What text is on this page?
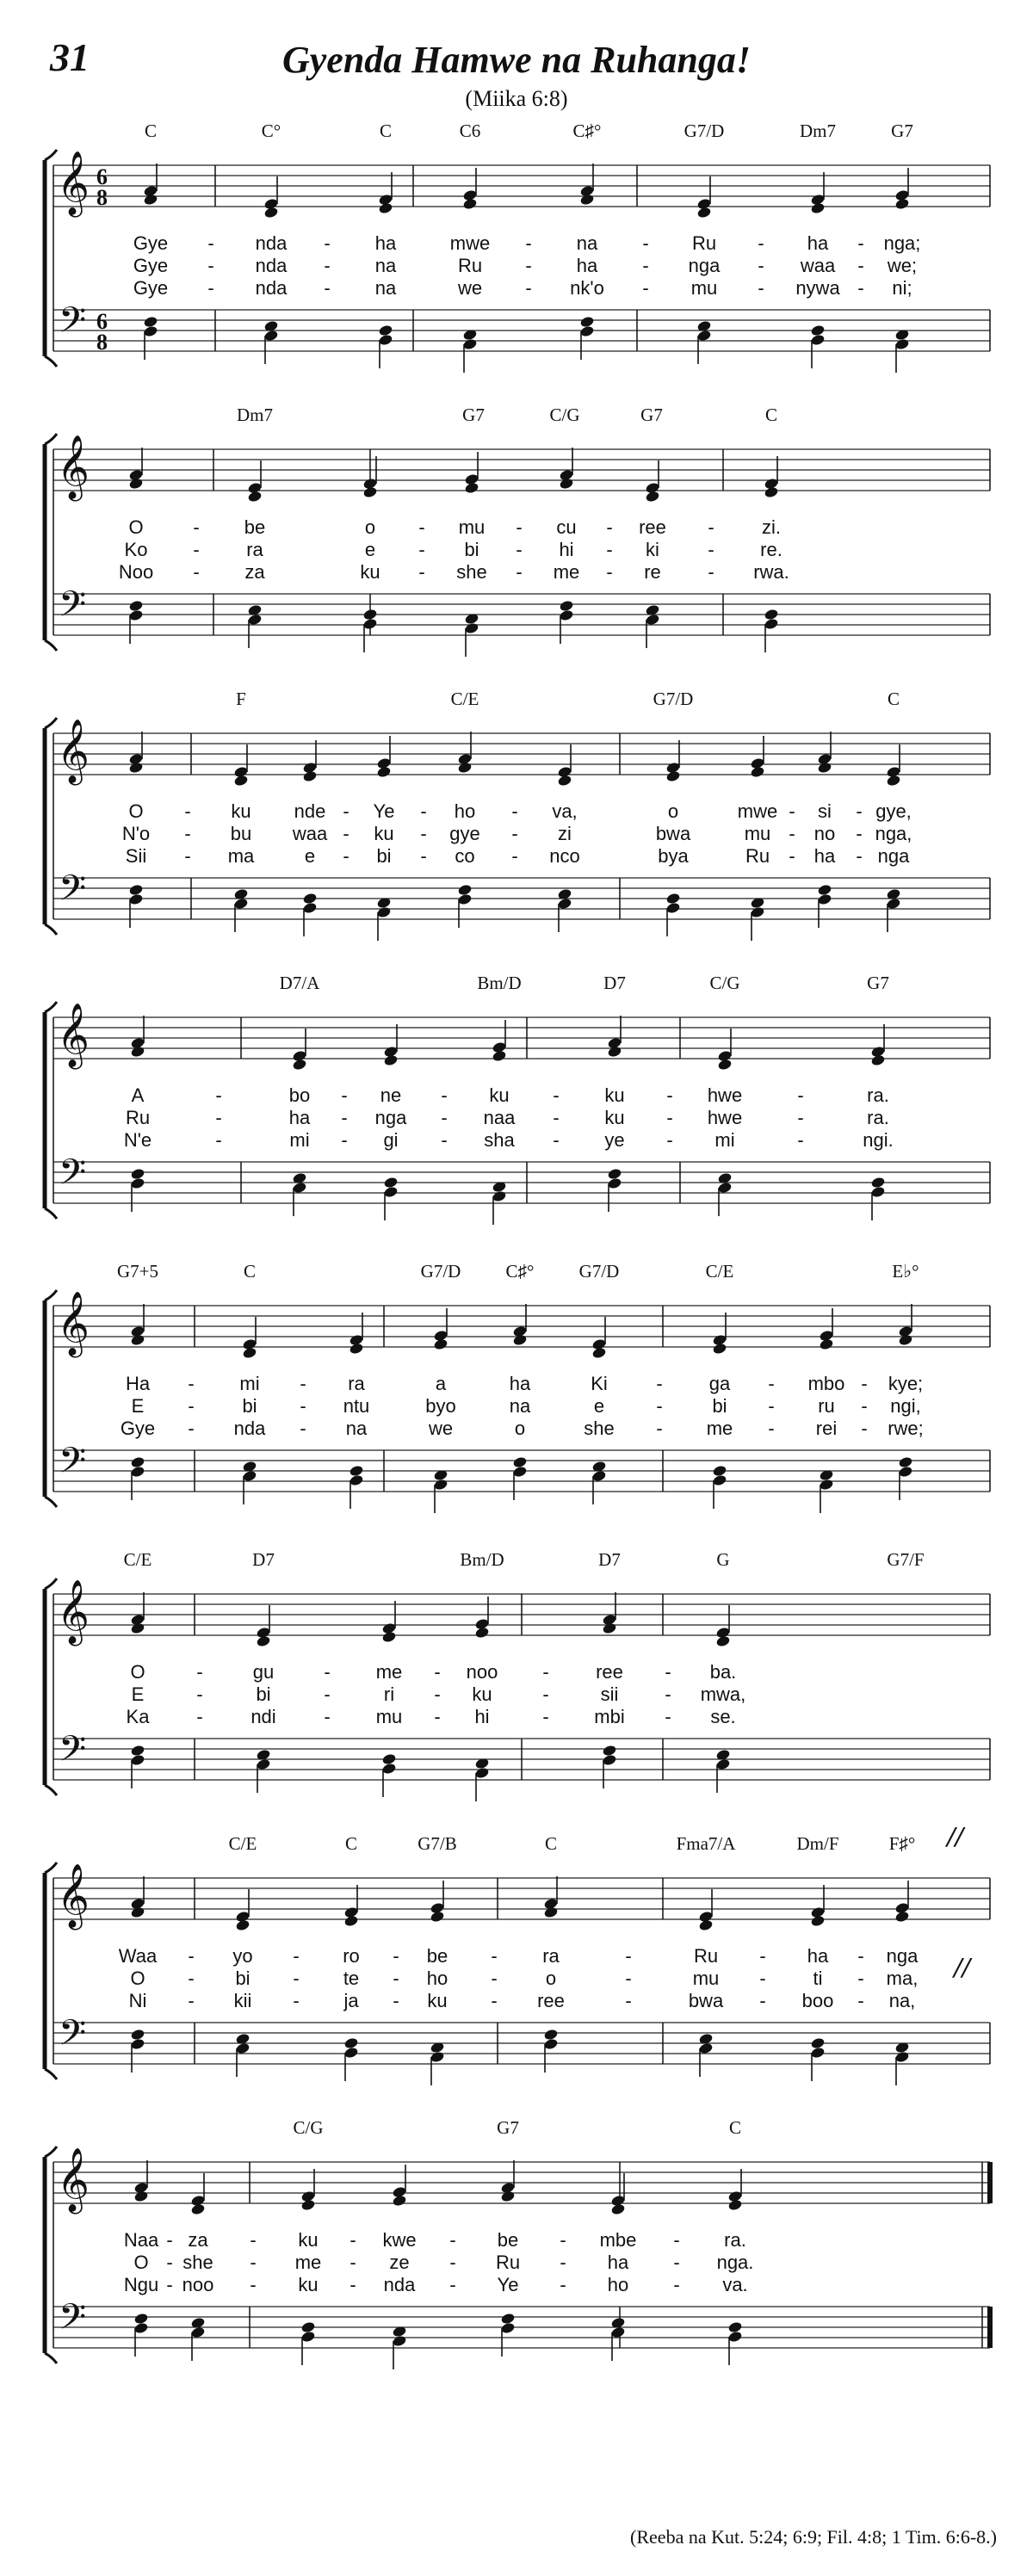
31	Gyenda Hamwe na Ruhanga!
(Miika 6:8)
𝄞
𝄢
6
8
6
8
C	C°	C	C6	C♯°	G7/D	Dm7	G7
Gye - nda - ha	mwe - na - Ru - ha - nga;
Gye - nda - na	Ru - ha - nga - waa - we;
Gye - nda - na	we - nk'o - mu - nywa - ni;
𝄞
𝄢
Dm7	G7	C/G	G7	C
O	- be	o - mu - cu - ree -	zi.
Ko - ra	e - bi - hi - ki	- re.
Noo - za	ku - she - me - re - rwa.
𝄞
𝄢
F	C/E	G7/D	C
O - ku nde - Ye - ho - va,	o	mwe - si - gye,
N'o - bu waa - ku - gye - zi	bwa	mu - no - nga,
Sii - ma	e - bi - co - nco	bya	Ru - ha - nga
𝄞
𝄢
D7/A	Bm/D	D7	C/G	G7
A	-	bo - ne - ku - ku - hwe	-	ra.
Ru	-	ha - nga - naa - ku - hwe	-	ra.
N'e	-	mi - gi - sha - ye - mi	-	ngi.
𝄞
𝄢
G7+5	C	G7/D C♯° G7/D	C/E	E♭°
Ha - mi - ra	a	ha	Ki	- ga - mbo - kye;
E -	bi - ntu	byo	na	e	-	bi - ru - ngi,
Gye - nda - na	we	o	she - me - rei - rwe;
𝄞
𝄢
C/E	D7	Bm/D	D7	G	G7/F
O	-	gu	- me - noo - ree - ba.
E	-	bi	-	ri - ku	-	sii - mwa,
Ka -	ndi	- mu - hi	- mbi - se.
𝄞
𝄢
C/E	C	G7/B	C	Fma7/A	Dm/F	F♯°
Waa - yo - ro - be - ra	-	Ru - ha - nga
O - bi - te - ho -	o	-	mu - ti - ma,
Ni - kii - ja - ku - ree	-	bwa - boo - na,
//
//
𝄞
𝄢
C/G	G7	C
Naa - za - ku - kwe - be - mbe - ra.
O - she - me - ze - Ru - ha - nga.
Ngu - noo - ku - nda - Ye - ho - va.
(Reeba na Kut. 5:24; 6:9; Fil. 4:8; 1 Tim. 6:6-8.)
